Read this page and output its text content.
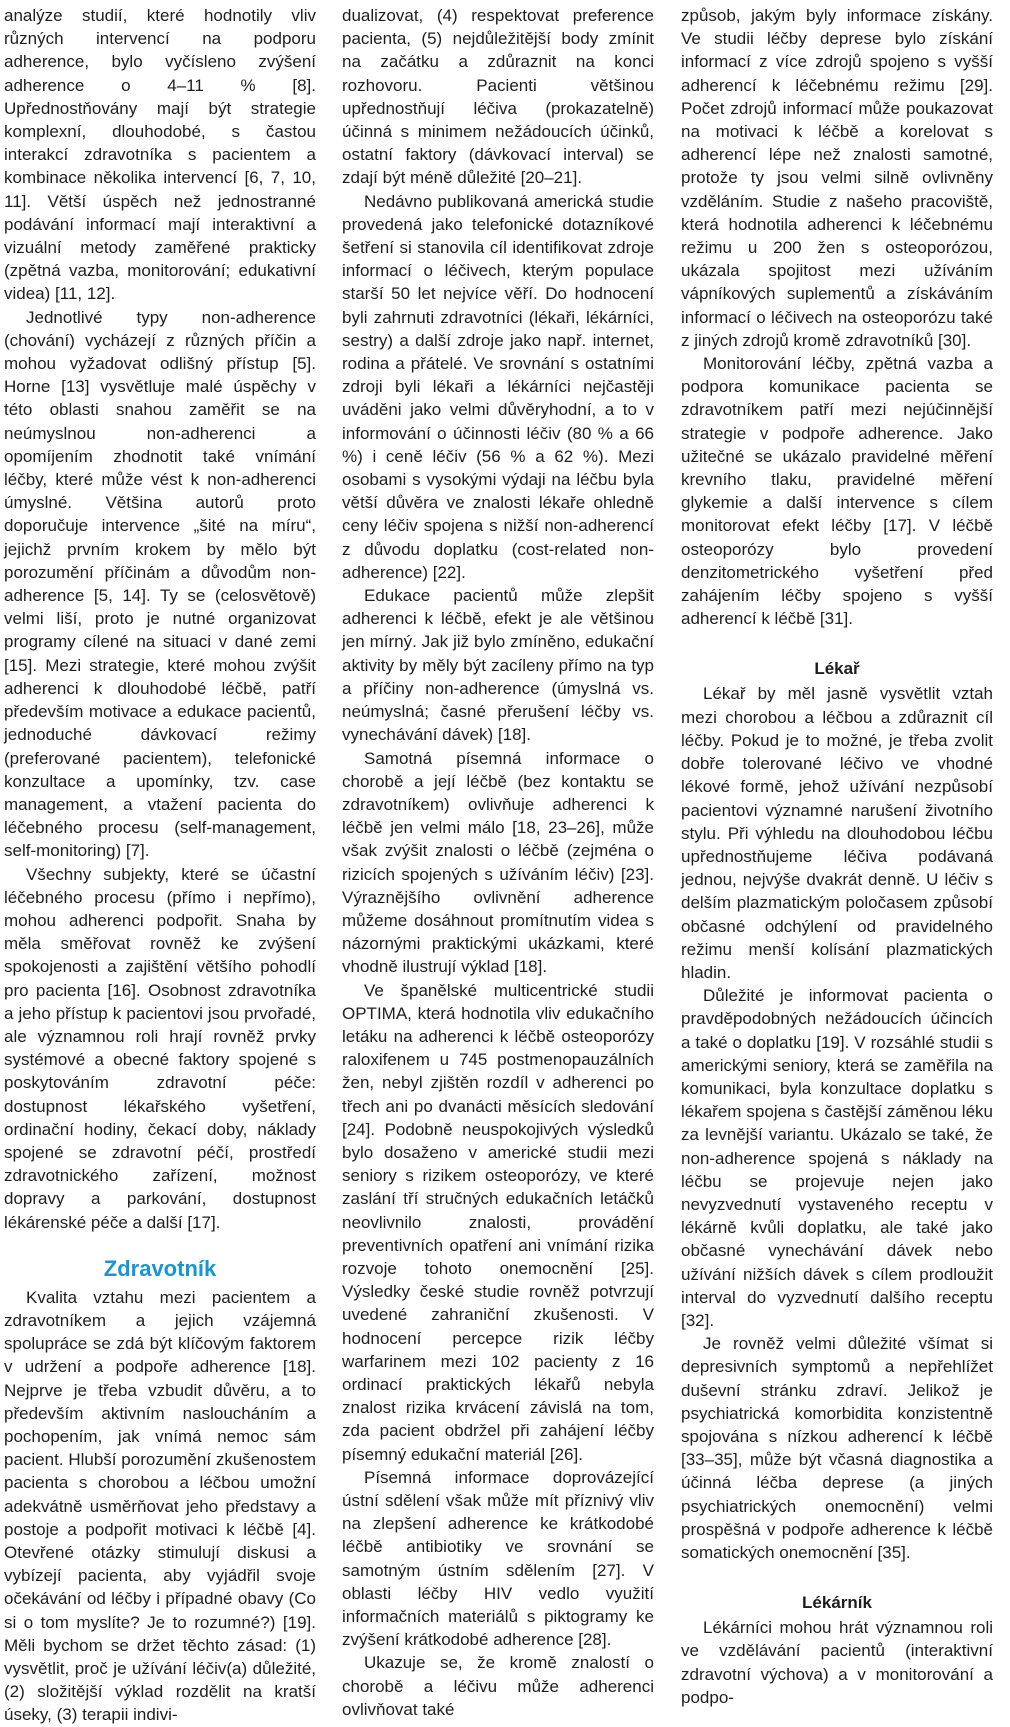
analýze studií, které hodnotily vliv různých intervencí na podporu adherence, bylo vyčísleno zvýšení adherence o 4–11 % [8]. Upřednostňovány mají být strategie komplexní, dlouhodobé, s častou interakcí zdravotníka s pacientem a kombinace několika intervencí [6, 7, 10, 11]. Větší úspěch než jednostranné podávání informací mají interaktivní a vizuální metody zaměřené prakticky (zpětná vazba, monitorování; edukativní videa) [11, 12].

Jednotlivé typy non-adherence (chování) vycházejí z různých příčin a mohou vyžadovat odlišný přístup [5]. Horne [13] vysvětluje malé úspěchy v této oblasti snahou zaměřit se na neúmyslnou non-adherenci a opomíjením zhodnotit také vnímání léčby, které může vést k non-adherenci úmyslné. Většina autorů proto doporučuje intervence „šité na míru“, jejichž prvním krokem by mělo být porozumění příčinám a důvodům non-adherence [5, 14]. Ty se (celosvětově) velmi liší, proto je nutné organizovat programy cílené na situaci v dané zemi [15]. Mezi strategie, které mohou zvýšit adherenci k dlouhodobé léčbě, patří především motivace a edukace pacientů, jednoduché dávkovací režimy (preferované pacientem), telefonické konzultace a upomínky, tzv. case management, a vtažení pacienta do léčebného procesu (self-management, self-monitoring) [7].

Všechny subjekty, které se účastní léčebného procesu (přímo i nepřímo), mohou adherenci podpořit. Snaha by měla směřovat rovněž ke zvýšení spokojenosti a zajištění většího pohodlí pro pacienta [16]. Osobnost zdravotníka a jeho přístup k pacientovi jsou prvořadé, ale významnou roli hrají rovněž prvky systémové a obecné faktory spojené s poskytováním zdravotní péče: dostupnost lékařského vyšetření, ordinační hodiny, čekací doby, náklady spojené se zdravotní péčí, prostředí zdravotnického zařízení, možnost dopravy a parkování, dostupnost lékárenské péče a další [17].

Zdravotník

Kvalita vztahu mezi pacientem a zdravotníkem a jejich vzájemná spolupráce se zdá být klíčovým faktorem v udržení a podpoře adherence [18]. Nejprve je třeba vzbudit důvěru, a to především aktivním nasloucháním a pochopením, jak vnímá nemoc sám pacient. Hlubší porozumění zkušenostem pacienta s chorobou a léčbou umožní adekvátně usměrňovat jeho představy a postoje a podpořit motivaci k léčbě [4]. Otevřené otázky stimulují diskusi a vybízejí pacienta, aby vyjádřil svoje očekávání od léčby i případné obavy (Co si o tom myslíte? Je to rozumné?) [19]. Měli bychom se držet těchto zásad: (1) vysvětlit, proč je užívání léčiv(a) důležité, (2) složitější výklad rozdělit na kratší úseky, (3) terapii indivi-

dualizovat, (4) respektovat preference pacienta, (5) nejdůležitější body zmínit na začátku a zdůraznit na konci rozhovoru. Pacienti většinou upřednostňují léčiva (prokazatelně) účinná s minimem nežádoucích účinků, ostatní faktory (dávkovací interval) se zdají být méně důležité [20–21].

Nedávno publikovaná americká studie provedená jako telefonické dotazníkové šetření si stanovila cíl identifikovat zdroje informací o léčivech, kterým populace starší 50 let nejvíce věří. Do hodnocení byli zahrnuti zdravotníci (lékaři, lékárníci, sestry) a další zdroje jako např. internet, rodina a přátelé. Ve srovnání s ostatními zdroji byli lékaři a lékárníci nejčastěji uváděni jako velmi důvěryhodní, a to v informování o účinnosti léčiv (80 % a 66 %) i ceně léčiv (56 % a 62 %). Mezi osobami s vysokými výdaji na léčbu byla větší důvěra ve znalosti lékaře ohledně ceny léčiv spojena s nižší non-adherencí z důvodu doplatku (cost-related non-adherence) [22].

Edukace pacientů může zlepšit adherenci k léčbě, efekt je ale většinou jen mírný. Jak již bylo zmíněno, edukační aktivity by měly být zacíleny přímo na typ a příčiny non-adherence (úmyslná vs. neúmyslná; časné přerušení léčby vs. vynechávání dávek) [18].

Samotná písemná informace o chorobě a její léčbě (bez kontaktu se zdravotníkem) ovlivňuje adherenci k léčbě jen velmi málo [18, 23–26], může však zvýšit znalosti o léčbě (zejména o rizicích spojených s užíváním léčiv) [23]. Výraznějšího ovlivnění adherence můžeme dosáhnout promítnutím videa s názornými praktickými ukázkami, které vhodně ilustrují výklad [18].

Ve španělské multicentrické studii OPTIMA, která hodnotila vliv edukačního letáku na adherenci k léčbě osteoporózy raloxifenem u 745 postmenopauzálních žen, nebyl zjištěn rozdíl v adherenci po třech ani po dvanácti měsících sledování [24]. Podobně neuspokojivých výsledků bylo dosaženo v americké studii mezi seniory s rizikem osteoporózy, ve které zaslání tří stručných edukačních letáčků neovlivnilo znalosti, provádění preventivních opatření ani vnímání rizika rozvoje tohoto onemocnění [25]. Výsledky české studie rovněž potvrzují uvedené zahraniční zkušenosti. V hodnocení percepce rizik léčby warfarinem mezi 102 pacienty z 16 ordinací praktických lékařů nebyla znalost rizika krvácení závislá na tom, zda pacient obdržel při zahájení léčby písemný edukační materiál [26].

Písemná informace doprovázející ústní sdělení však může mít příznivý vliv na zlepšení adherence ke krátkodobé léčbě antibiotiky ve srovnání se samotným ústním sdělením [27]. V oblasti léčby HIV vedlo využití informačních materiálů s piktogramy ke zvýšení krátkodobé adherence [28].

Ukazuje se, že kromě znalostí o chorobě a léčivu může adherenci ovlivňovat také

způsob, jakým byly informace získány. Ve studii léčby deprese bylo získání informací z více zdrojů spojeno s vyšší adherencí k léčebnému režimu [29]. Počet zdrojů informací může poukazovat na motivaci k léčbě a korelovat s adherencí lépe než znalosti samotné, protože ty jsou velmi silně ovlivněny vzděláním. Studie z našeho pracoviště, která hodnotila adherenci k léčebnému režimu u 200 žen s osteoporózou, ukázala spojitost mezi užíváním vápníkových suplementů a získáváním informací o léčivech na osteoporózu také z jiných zdrojů kromě zdravotníků [30].

Monitorování léčby, zpětná vazba a podpora komunikace pacienta se zdravotníkem patří mezi nejúčinnější strategie v podpoře adherence. Jako užitečné se ukázalo pravidelné měření krevního tlaku, pravidelné měření glykemie a další intervence s cílem monitorovat efekt léčby [17]. V léčbě osteoporózy bylo provedení denzitometrického vyšetření před zahájením léčby spojeno s vyšší adherencí k léčbě [31].

Lékař

Lékař by měl jasně vysvětlit vztah mezi chorobou a léčbou a zdůraznit cíl léčby. Pokud je to možné, je třeba zvolit dobře tolerované léčivo ve vhodné lékové formě, jehož užívání nezpůsobí pacientovi významné narušení životního stylu. Při výhledu na dlouhodobou léčbu upřednostňujeme léčiva podávaná jednou, nejvýše dvakrát denně. U léčiv s delším plazmatickým poločasem způsobí občasné odchýlení od pravidelného režimu menší kolísání plazmatických hladin.

Důležité je informovat pacienta o pravděpodobných nežádoucích účincích a také o doplatku [19]. V rozsáhlé studii s americkými seniory, která se zaměřila na komunikaci, byla konzultace doplatku s lékařem spojena s častější záměnou léku za levnější variantu. Ukázalo se také, že non-adherence spojená s náklady na léčbu se projevuje nejen jako nevyzvednutí vystaveného receptu v lékárně kvůli doplatku, ale také jako občasné vynechávání dávek nebo užívání nižších dávek s cílem prodloužit interval do vyzvednutí dalšího receptu [32].

Je rovněž velmi důležité všímat si depresivních symptomů a nepřehlížet duševní stránku zdraví. Jelikož je psychiatrická komorbidita konzistentně spojována s nízkou adherencí k léčbě [33–35], může být včasná diagnostika a účinná léčba deprese (a jiných psychiatrických onemocnění) velmi prospěšná v podpoře adherence k léčbě somatických onemocnění [35].

Lékárník

Lékárníci mohou hrát významnou roli ve vzdělávání pacientů (interaktivní zdravotní výchova) a v monitorování a podpo-
